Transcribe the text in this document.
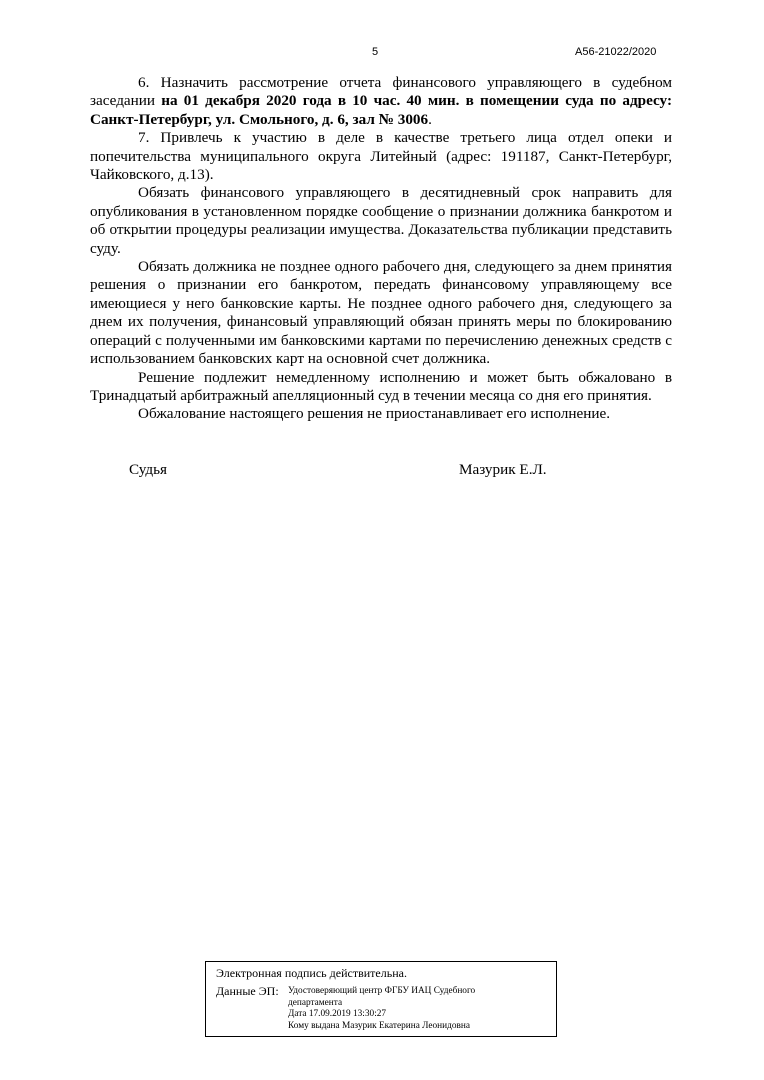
5	А56-21022/2020

6. Назначить рассмотрение отчета финансового управляющего в судебном заседании на 01 декабря 2020 года в 10 час. 40 мин. в помещении суда по адресу: Санкт-Петербург, ул. Смольного, д. 6, зал № 3006.

7. Привлечь к участию в деле в качестве третьего лица отдел опеки и попечительства муниципального округа Литейный (адрес: 191187, Санкт-Петербург, Чайковского, д.13).

Обязать финансового управляющего в десятидневный срок направить для опубликования в установленном порядке сообщение о признании должника банкротом и об открытии процедуры реализации имущества. Доказательства публикации представить суду.

Обязать должника не позднее одного рабочего дня, следующего за днем принятия решения о признании его банкротом, передать финансовому управляющему все имеющиеся у него банковские карты. Не позднее одного рабочего дня, следующего за днем их получения, финансовый управляющий обязан принять меры по блокированию операций с полученными им банковскими картами по перечислению денежных средств с использованием банковских карт на основной счет должника.

Решение подлежит немедленному исполнению и может быть обжаловано в Тринадцатый арбитражный апелляционный суд в течении месяца со дня его принятия.

Обжалование настоящего решения не приостанавливает его исполнение.

Судья	Мазурик Е.Л.
Электронная подпись действительна.
Данные ЭП: Удостоверяющий центр ФГБУ ИАЦ Судебного
департамента
Дата 17.09.2019 13:30:27
Кому выдана Мазурик Екатерина Леонидовна
